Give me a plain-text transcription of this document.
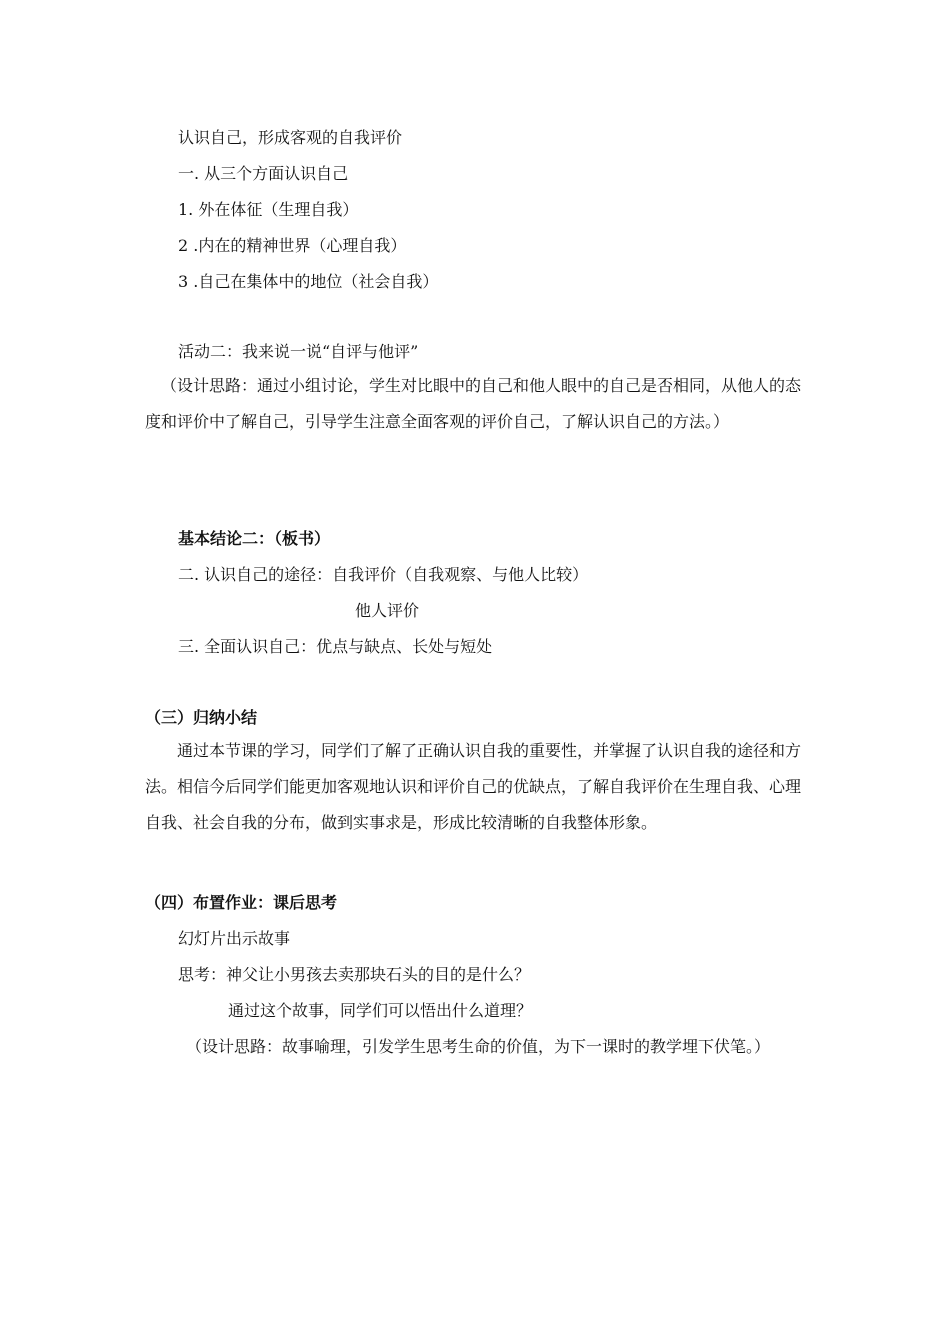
认识自己，形成客观的自我评价
一. 从三个方面认识自己
1. 外在体征（生理自我）
2 .内在的精神世界（心理自我）
3 .自己在集体中的地位（社会自我）
活动二：我来说一说“自评与他评”
（设计思路：通过小组讨论，学生对比眼中的自己和他人眼中的自己是否相同，从他人的态度和评价中了解自己，引导学生注意全面客观的评价自己，了解认识自己的方法。）
基本结论二：（板书）
二. 认识自己的途径：自我评价（自我观察、与他人比较）
他人评价
三. 全面认识自己：优点与缺点、长处与短处
（三）归纳小结
通过本节课的学习，同学们了解了正确认识自我的重要性，并掌握了认识自我的途径和方法。相信今后同学们能更加客观地认识和评价自己的优缺点，了解自我评价在生理自我、心理自我、社会自我的分布，做到实事求是，形成比较清晰的自我整体形象。
（四）布置作业：课后思考
幻灯片出示故事
思考：神父让小男孩去卖那块石头的目的是什么？
通过这个故事，同学们可以悟出什么道理？
（设计思路：故事喻理，引发学生思考生命的价值，为下一课时的教学埋下伏笔。）
